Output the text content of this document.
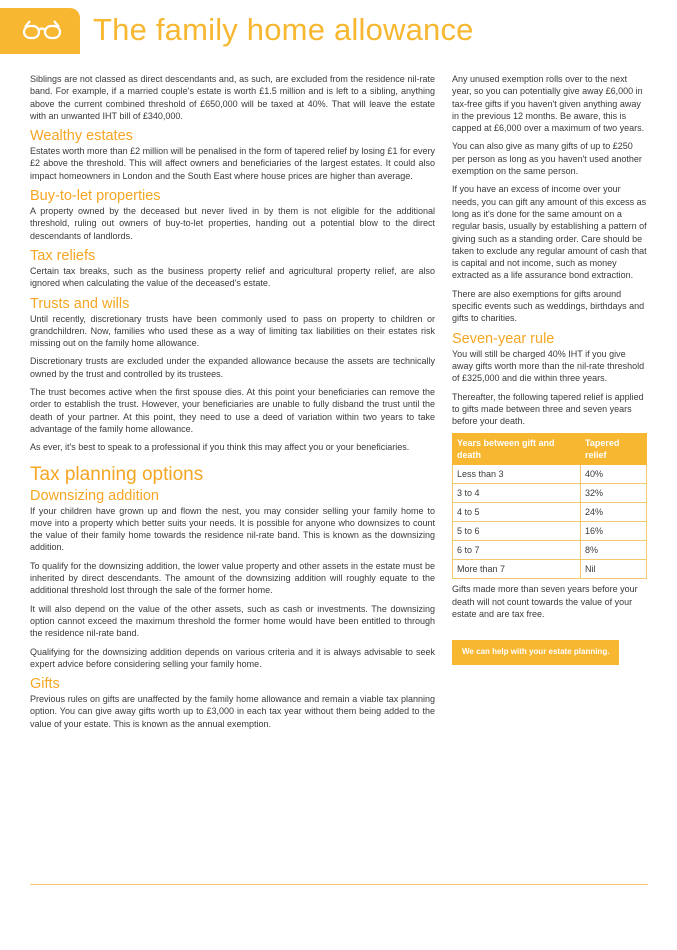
The family home allowance

Siblings are not classed as direct descendants and, as such, are excluded from the residence nil-rate band. For example, if a married couple's estate is worth £1.5 million and is left to a sibling, anything above the current combined threshold of £650,000 will be taxed at 40%. That will leave the estate with an unwanted IHT bill of £340,000.

Wealthy estates

Estates worth more than £2 million will be penalised in the form of tapered relief by losing £1 for every £2 above the threshold. This will affect owners and beneficiaries of the largest estates. It could also impact homeowners in London and the South East where house prices are higher than average.

Buy-to-let properties

A property owned by the deceased but never lived in by them is not eligible for the additional threshold, ruling out owners of buy-to-let properties, handing out a potential blow to the direct descendants of landlords.

Tax reliefs

Certain tax breaks, such as the business property relief and agricultural property relief, are also ignored when calculating the value of the deceased's estate.

Trusts and wills

Until recently, discretionary trusts have been commonly used to pass on property to children or grandchildren. Now, families who used these as a way of limiting tax liabilities on their estates risk missing out on the family home allowance.

Discretionary trusts are excluded under the expanded allowance because the assets are technically owned by the trust and controlled by its trustees.

The trust becomes active when the first spouse dies. At this point your beneficiaries can remove the order to establish the trust. However, your beneficiaries are unable to fully disband the trust until the death of your partner. At this point, they need to use a deed of variation within two years to take advantage of the family home allowance.

As ever, it's best to speak to a professional if you think this may affect you or your beneficiaries.

Tax planning options
Downsizing addition

If your children have grown up and flown the nest, you may consider selling your family home to move into a property which better suits your needs. It is possible for anyone who downsizes to count the value of their family home towards the residence nil-rate band. This is known as the downsizing addition.

To qualify for the downsizing addition, the lower value property and other assets in the estate must be inherited by direct descendants. The amount of the downsizing addition will roughly equate to the additional threshold lost through the sale of the former home.

It will also depend on the value of the other assets, such as cash or investments. The downsizing option cannot exceed the maximum threshold the former home would have been entitled to through the residence nil-rate band.

Qualifying for the downsizing addition depends on various criteria and it is always advisable to seek expert advice before considering selling your family home.

Gifts

Previous rules on gifts are unaffected by the family home allowance and remain a viable tax planning option. You can give away gifts worth up to £3,000 in each tax year without them being added to the value of your estate. This is known as the annual exemption.

Any unused exemption rolls over to the next year, so you can potentially give away £6,000 in tax-free gifts if you haven't given anything away in the previous 12 months. Be aware, this is capped at £6,000 over a maximum of two years.

You can also give as many gifts of up to £250 per person as long as you haven't used another exemption on the same person.

If you have an excess of income over your needs, you can gift any amount of this excess as long as it's done for the same amount on a regular basis, usually by establishing a pattern of giving such as a standing order. Care should be taken to exclude any regular amount of cash that is capital and not income, such as money extracted as a life assurance bond extraction.

There are also exemptions for gifts around specific events such as weddings, birthdays and gifts to charities.

Seven-year rule

You will still be charged 40% IHT if you give away gifts worth more than the nil-rate threshold of £325,000 and die within three years.

Thereafter, the following tapered relief is applied to gifts made between three and seven years before your death.

Years between gift and death	Tapered relief
Less than 3	40%
3 to 4	32%
4 to 5	24%
5 to 6	16%
6 to 7	8%
More than 7	Nil

Gifts made more than seven years before your death will not count towards the value of your estate and are tax free.

We can help with your estate planning.
